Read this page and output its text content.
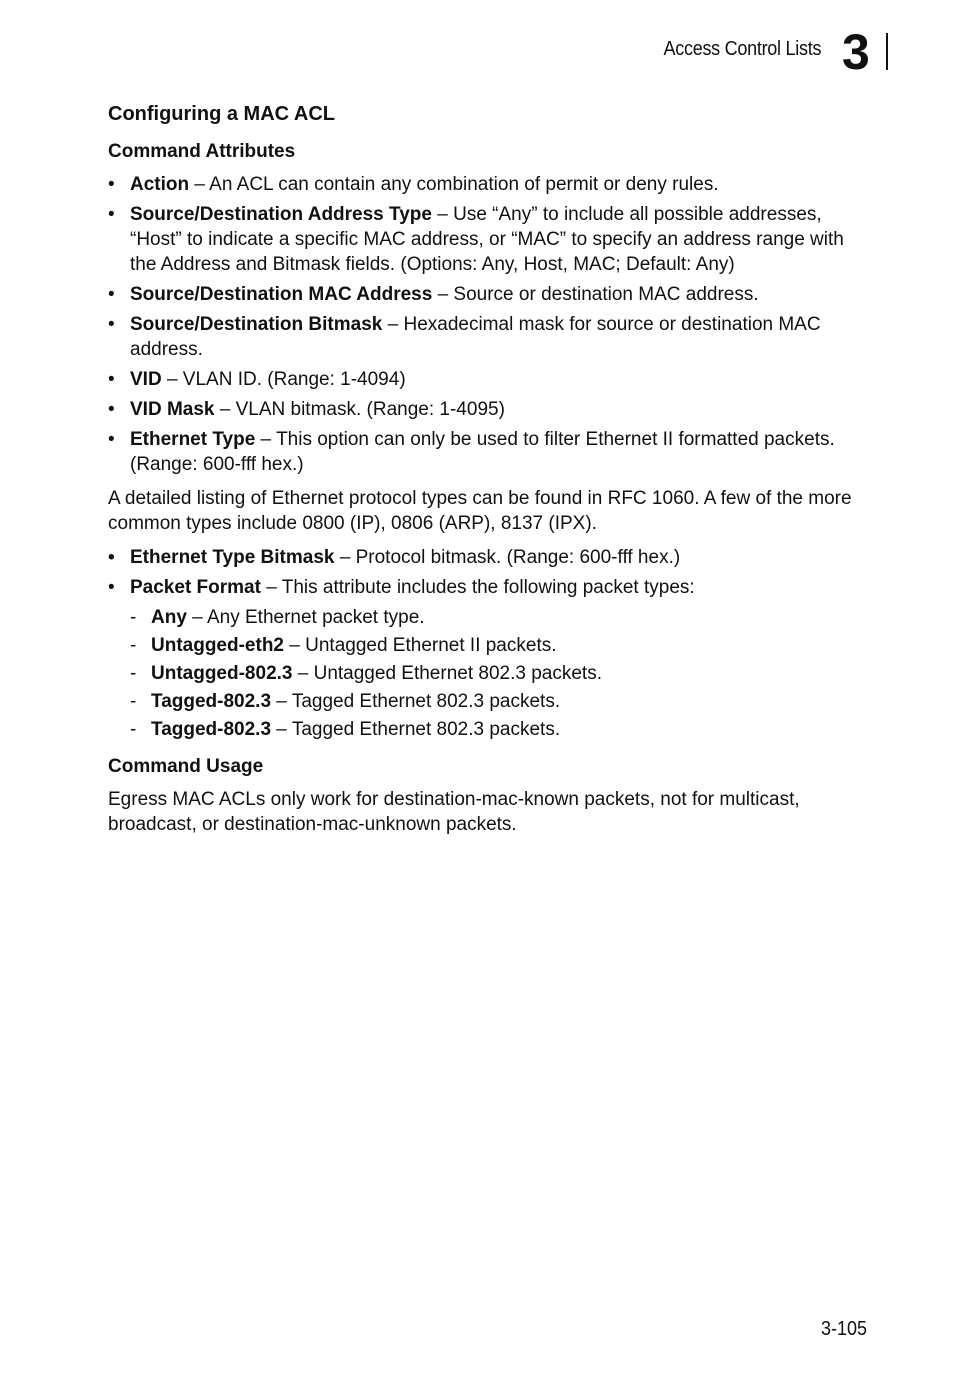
Access Control Lists 3
Configuring a MAC ACL
Command Attributes
• Action – An ACL can contain any combination of permit or deny rules.
• Source/Destination Address Type – Use “Any” to include all possible addresses, “Host” to indicate a specific MAC address, or “MAC” to specify an address range with the Address and Bitmask fields. (Options: Any, Host, MAC; Default: Any)
• Source/Destination MAC Address – Source or destination MAC address.
• Source/Destination Bitmask – Hexadecimal mask for source or destination MAC address.
• VID – VLAN ID. (Range: 1-4094)
• VID Mask – VLAN bitmask. (Range: 1-4095)
• Ethernet Type – This option can only be used to filter Ethernet II formatted packets. (Range: 600-fff hex.)

A detailed listing of Ethernet protocol types can be found in RFC 1060. A few of the more common types include 0800 (IP), 0806 (ARP), 8137 (IPX).

• Ethernet Type Bitmask – Protocol bitmask. (Range: 600-fff hex.)
• Packet Format – This attribute includes the following packet types:
- Any – Any Ethernet packet type.
- Untagged-eth2 – Untagged Ethernet II packets.
- Untagged-802.3 – Untagged Ethernet 802.3 packets.
- Tagged-802.3 – Tagged Ethernet 802.3 packets.
- Tagged-802.3 – Tagged Ethernet 802.3 packets.
Command Usage

Egress MAC ACLs only work for destination-mac-known packets, not for multicast, broadcast, or destination-mac-unknown packets.

3-105
